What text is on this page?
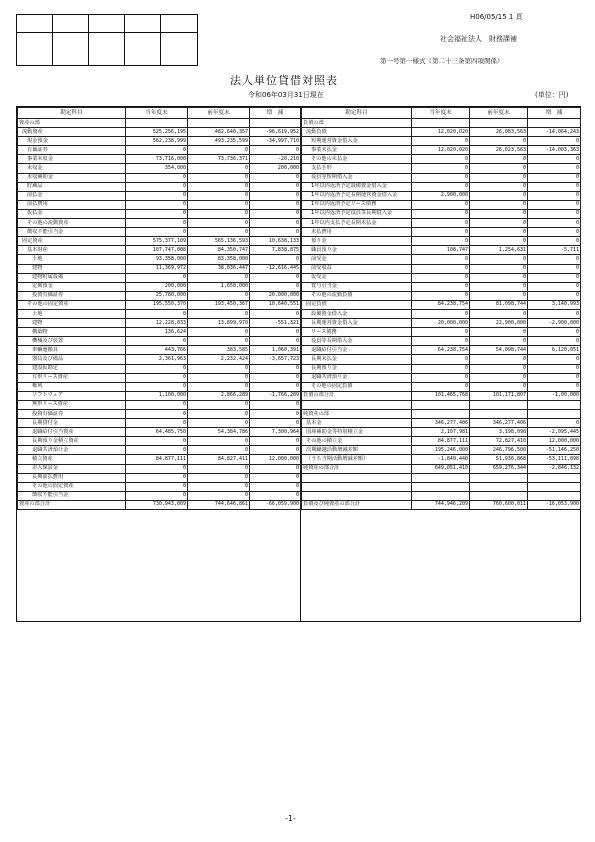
H06/05/15 1 頁
社会福祉法人　財務課補
第一号第一様式（第二十三条第四項関係）
法人単位貸借対照表
令和06年03月31日現在	(単位：円)
勘定科目	当年度末	前年度末	増　減
資産の部			
流動資産	525,256,195	482,640,357	-96,619,952
現金預金	562,238,999	493,235,599	-34,997,710
有価証券	0	0	0
事業未収金	73,716,000	73,736,371	-20,210
未収金	354,000	0	200,000
未収補助金	0	0	0
貯蔵品	0	0	0
前払金	0	0	0
前払費用	0	0	0
仮払金	0	0	0
その他の流動資産	0	0	0
徴収不能引当金	0	0	0
固定資産	575,377,109	565,136,593	10,638,133
基本財産	107,747,008	84,350,747	7,838,875
土地	93,358,000	83,358,000	0
建物	11,369,972	38,836,447	-12,616,445
建物附属設備	0	0	0
定期預金	200,000	1,650,000	0
投資有価証券	25,780,000	0	20,000,000
その他の固定資産	195,550,370	193,450,367	10,640,551
土地	0	0	0
建物	12,228,033	13,899,970	-551,321
構築物	136,624	0	0
機械及び装置	0	0	0
車輌運搬具	443,766	383,585	1,060,391
器具及び備品	2,361,963	2,232,424	-3,657,723
建設仮勘定	0	0	0
有形リース資産	0	0	0
権利	0	0	0
ソフトウェア	1,100,000	2,866,289	-1,766,289
無形リース資産	0	0	0
投資有価証券	0	0	0
長期貸付金	0	0	0
退職給付引当資産	64,485,750	54,384,786	7,300,964
長期預り金積立資産	0	0	0
退職共済預け金	0	0	0
積立資産	84,877,111	84,827,411	12,000,000
差入保証金	0	0	0
長期前払費用	0	0	0
その他の固定資産	0	0	0
徴収不能引当金	0	0	0
資産の部合計	730,943,009	744,646,861	-66,059,900
勘定科目	当年度末	前年度末	増　減
負債の部			
流動負債	12,020,020	26,083,563	-14,064,243
短期運営資金借入金	0	0	0
事業未払金	12,020,020	26,023,563	-14,003,363
その他の未払金	0	0	0
支払手形	0	0	0
役員等短期借入金	0	0	0
1年以内返済予定設備資金借入金	0	0	0
1年以内返済予定長期運営資金借入金	2,900,000	0	0
1年以内返済予定リース債務	0	0	0
1年以内返済予定役員等長期借入金	0	0	0
1年以内支払予定長期未払金	0	0	0
未払費用	0	0	0
預り金	0	0	0
職員預り金	108,747	1,254,631	-5,711
前受金	0	0	0
前受収益	0	0	0
仮受金	0	0	0
賞与引当金	0	0	0
その他の流動負債	0	0	0
固定負債	84,238,754	81,098,744	3,140,993
設備資金借入金	0	0	0
長期運営資金借入金	20,000,000	22,900,000	-2,900,000
リース債務	0	0	0
役員等長期借入金	0	0	0
退職給付引当金	64,238,754	54,098,744	6,120,051
長期未払金	0	0	0
長期預り金	0	0	0
退職共済預り金	0	0	0
その他の固定負債	0	0	0
負債の部合計	101,465,768	101,171,807	-1,00,000

純資産の部			
基本金	346,277,406	346,277,406	0
国庫補助金等特別積立金	2,107,981	3,198,098	-2,095,445
その他の積立金	84,877,111	72,827,410	12,000,000
次期繰越活動増減差額	195,246,000	246,796,500	-51,146,250
（うち当期活動増減差額）	-1,840,440	51,936,868	-53,111,898
純資産の部合計	649,051,410	659,276,344	-2,846,132

負債及び純資産の部合計	744,946,209	760,600,011	-16,053,900
-1-
